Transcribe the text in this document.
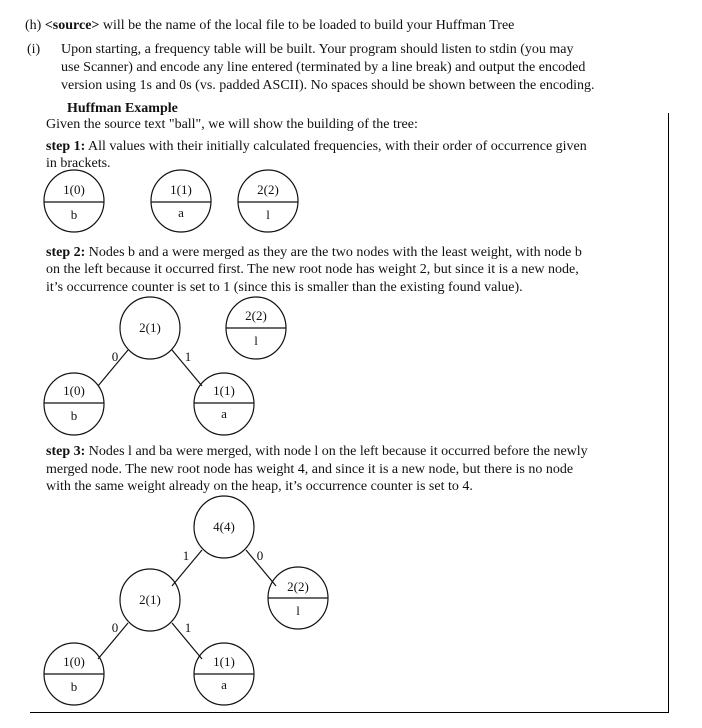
(h) <source> will be the name of the local file to be loaded to build your Huffman Tree
(i) Upon starting, a frequency table will be built. Your program should listen to stdin (you may
use Scanner) and encode any line entered (terminated by a line break) and output the encoded
version using 1s and 0s (vs. padded ASCII). No spaces should be shown between the encoding.
Huffman Example
Given the source text "ball", we will show the building of the tree:
step 1: All values with their initially calculated frequencies, with their order of occurrence given
in brackets.
step 2: Nodes b and a were merged as they are the two nodes with the least weight, with node b
on the left because it occurred first. The new root node has weight 2, but since it is a new node,
it’s occurrence counter is set to 1 (since this is smaller than the existing found value).
step 3: Nodes l and ba were merged, with node l on the left because it occurred before the newly
merged node. The new root node has weight 4, and since it is a new node, but there is no node
with the same weight already on the heap, it’s occurrence counter is set to 4.
1(0)
b
1(1)
a
2(2)
l
0	1
2(1)
2(2)
l
1(0)
b
1(1)
a
1	0
0	1
4(4)
2(1)
2(2)
l
1(0)
b
1(1)
a
